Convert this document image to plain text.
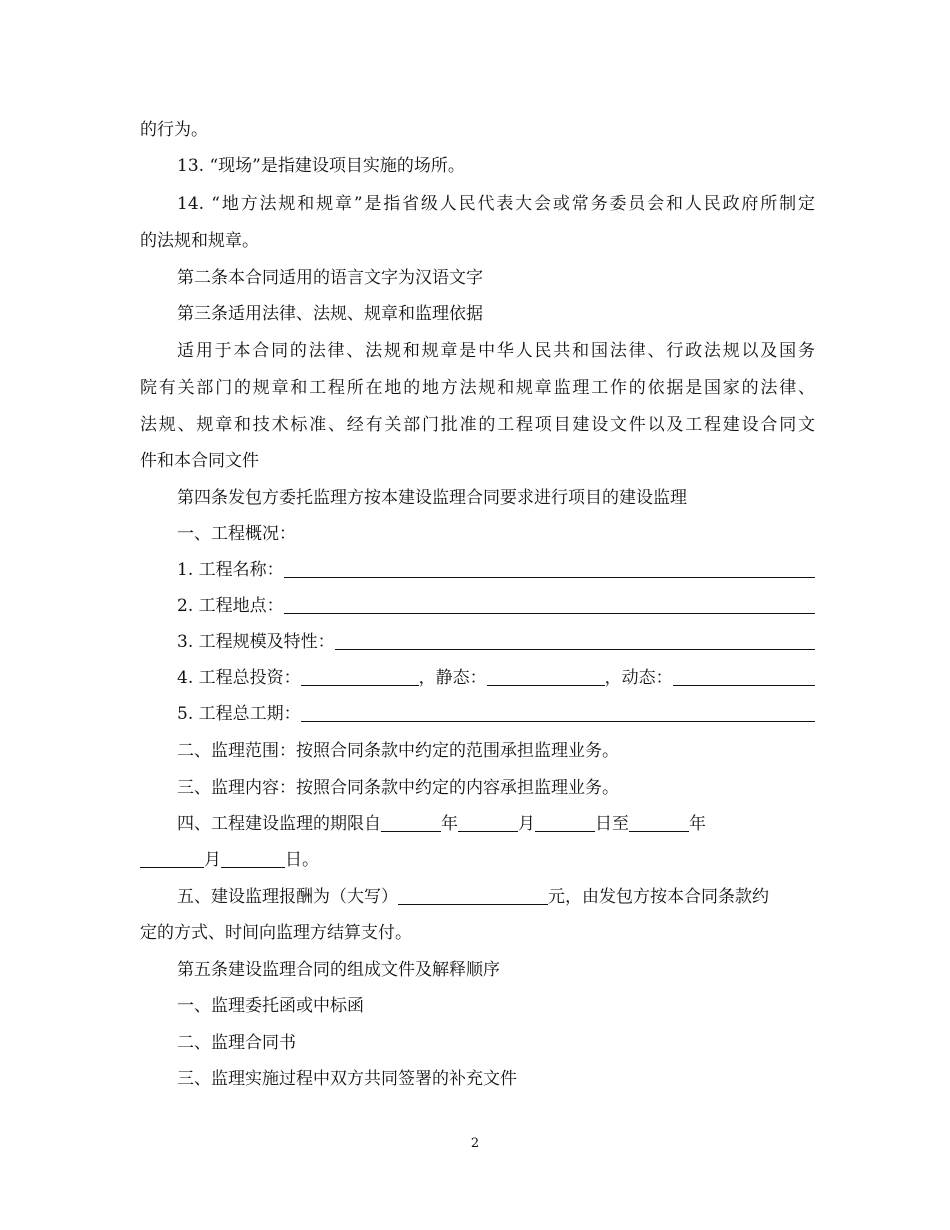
的行为。
13. “现场”是指建设项目实施的场所。
14. “地方法规和规章”是指省级人民代表大会或常务委员会和人民政府所制定
的法规和规章。
第二条本合同适用的语言文字为汉语文字
第三条适用法律、法规、规章和监理依据
适用于本合同的法律、法规和规章是中华人民共和国法律、行政法规以及国务
院有关部门的规章和工程所在地的地方法规和规章监理工作的依据是国家的法律、
法规、规章和技术标准、经有关部门批准的工程项目建设文件以及工程建设合同文
件和本合同文件
第四条发包方委托监理方按本建设监理合同要求进行项目的建设监理
一、工程概况：
1. 工程名称：
2. 工程地点：
3. 工程规模及特性：
4. 工程总投资：	，静态：	，动态：
5. 工程总工期：
二、监理范围：按照合同条款中约定的范围承担监理业务。
三、监理内容：按照合同条款中约定的内容承担监理业务。
四、工程建设监理的期限自	年	月	日至	年
月	日。
五、建设监理报酬为（大写）	元，由发包方按本合同条款约
定的方式、时间向监理方结算支付。
第五条建设监理合同的组成文件及解释顺序
一、监理委托函或中标函
二、监理合同书
三、监理实施过程中双方共同签署的补充文件
2
